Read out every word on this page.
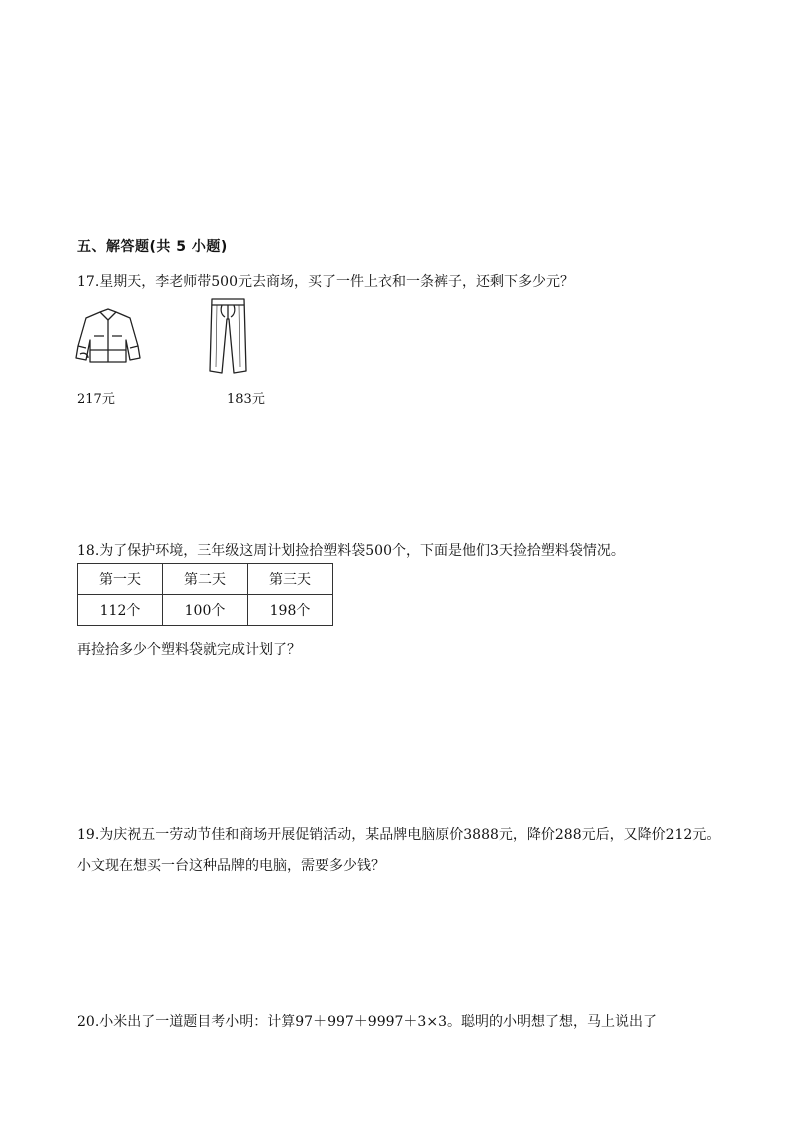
五、解答题(共 5 小题)
17.星期天，李老师带500元去商场，买了一件上衣和一条裤子，还剩下多少元？
217元	183元
18.为了保护环境，三年级这周计划捡拾塑料袋500个，下面是他们3天捡拾塑料袋情况。
第一天	第二天	第三天
112个	100个	198个
再捡拾多少个塑料袋就完成计划了？
19.为庆祝五一劳动节佳和商场开展促销活动，某品牌电脑原价3888元，降价288元后，又降价212元。小文现在想买一台这种品牌的电脑，需要多少钱？
20.小米出了一道题目考小明：计算97＋997＋9997＋3×3。聪明的小明想了想，马上说出了
